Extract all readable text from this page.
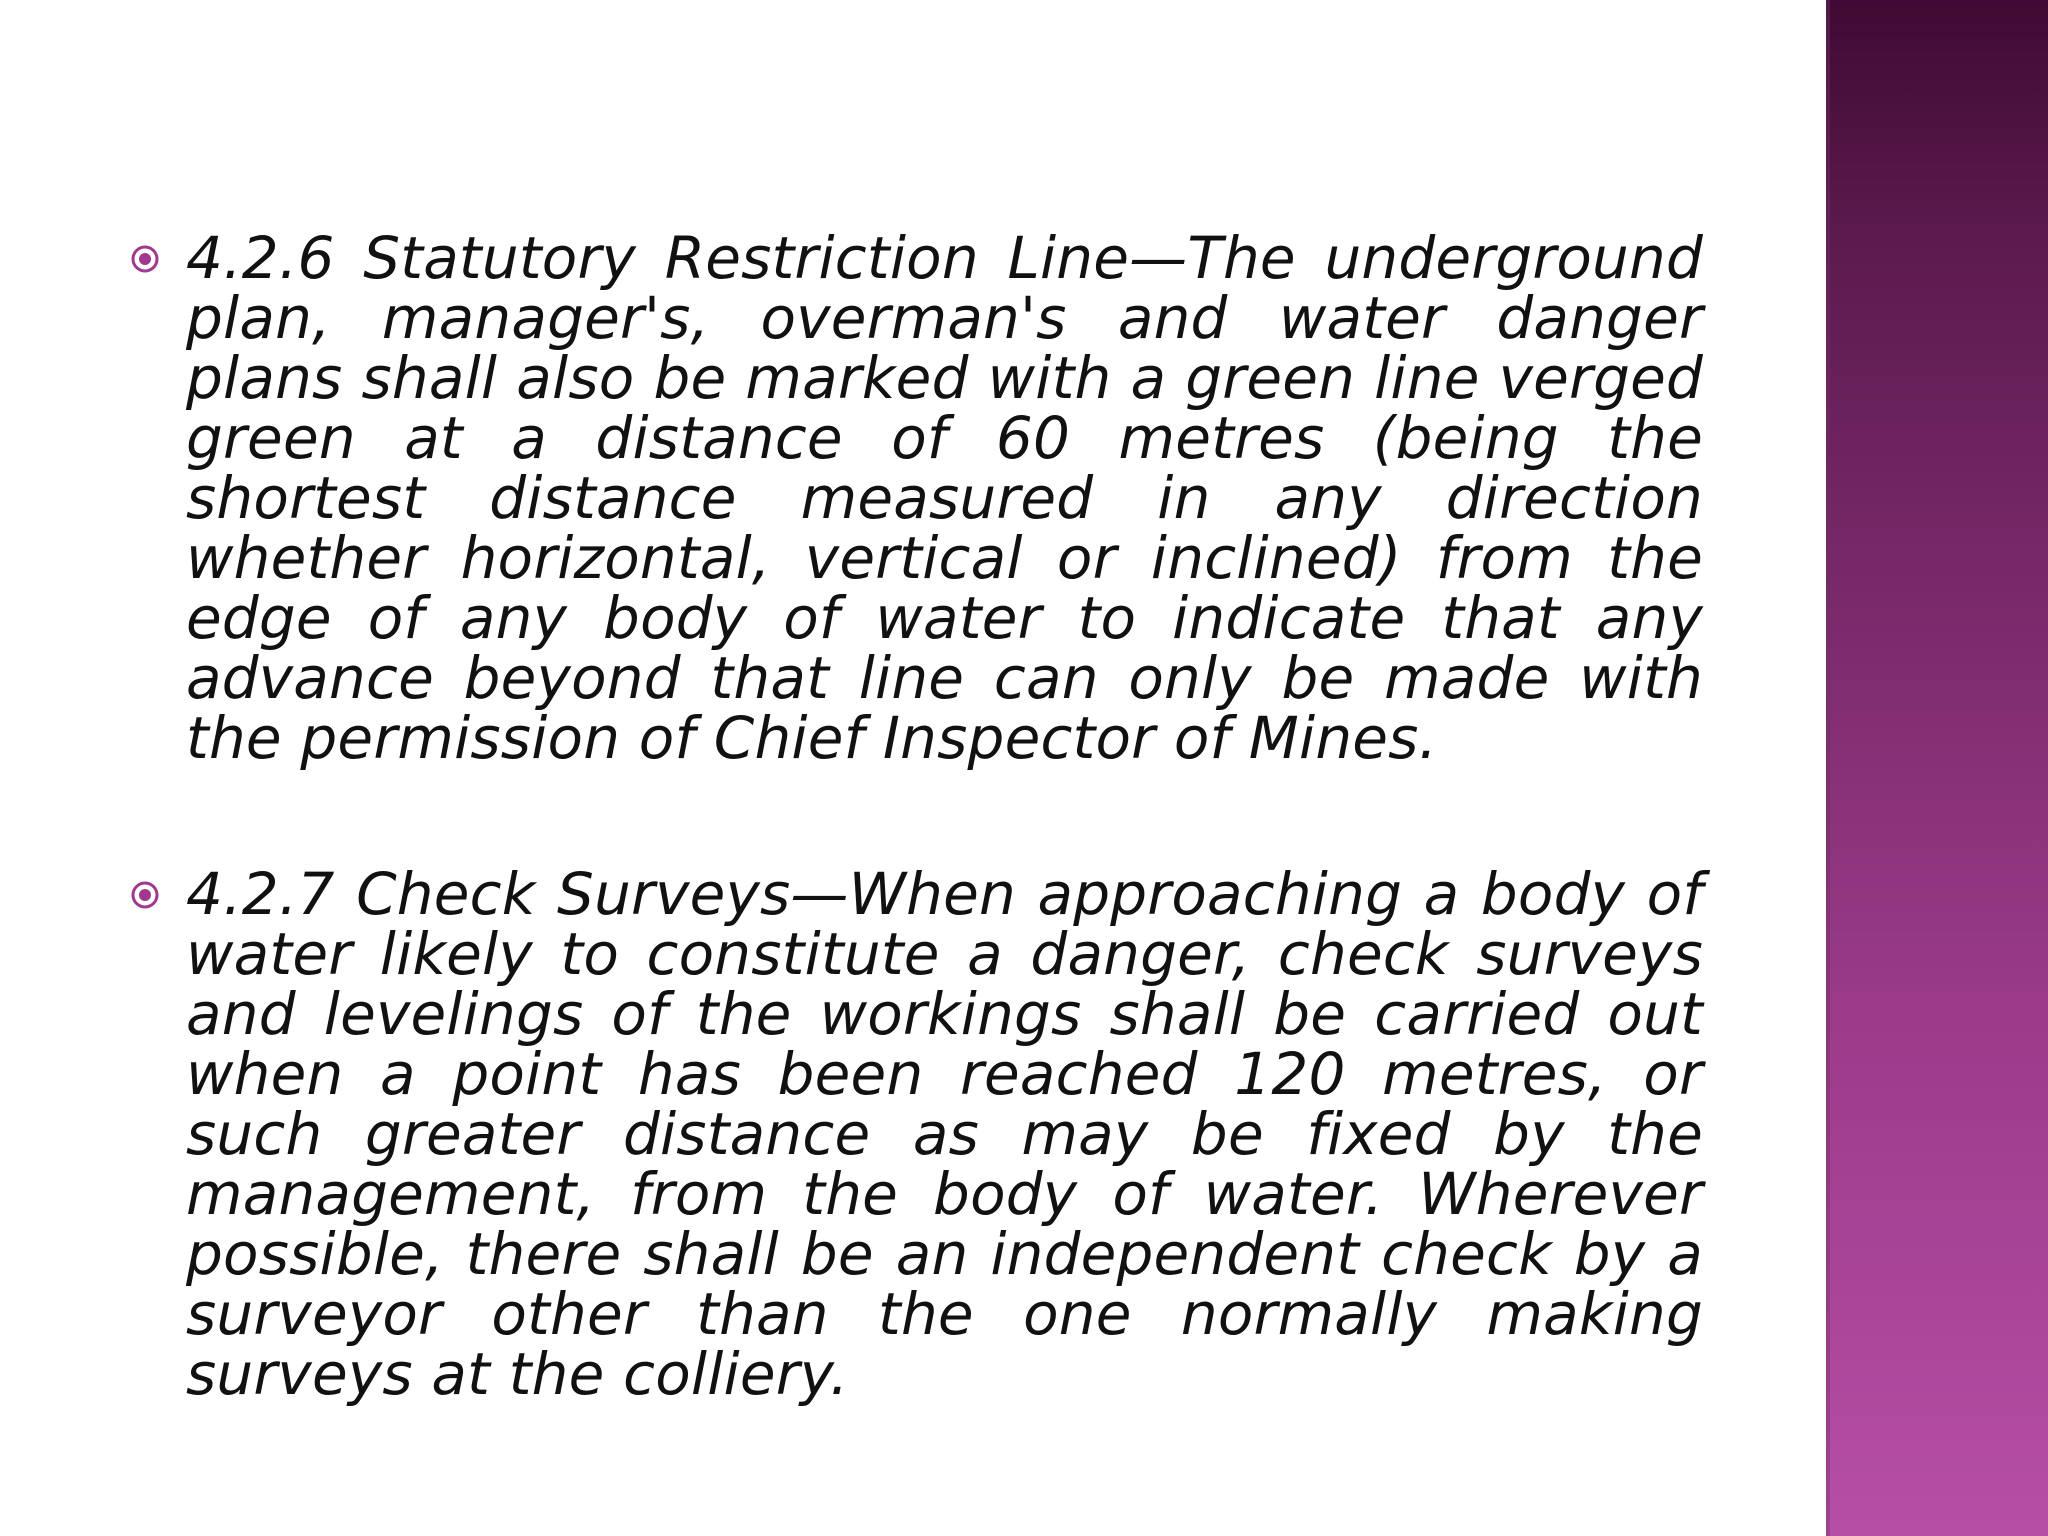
4.2.6 Statutory Restriction Line—The underground plan, manager's, overman's and water danger plans shall also be marked with a green line verged green at a distance of 60 metres (being the shortest distance measured in any direction whether horizontal, vertical or inclined) from the edge of any body of water to indicate that any advance beyond that line can only be made with the permission of Chief Inspector of Mines.
4.2.7 Check Surveys—When approaching a body of water likely to constitute a danger, check surveys and levelings of the workings shall be carried out when a point has been reached 120 metres, or such greater distance as may be fixed by the management, from the body of water. Wherever possible, there shall be an independent check by a surveyor other than the one normally making surveys at the colliery.
